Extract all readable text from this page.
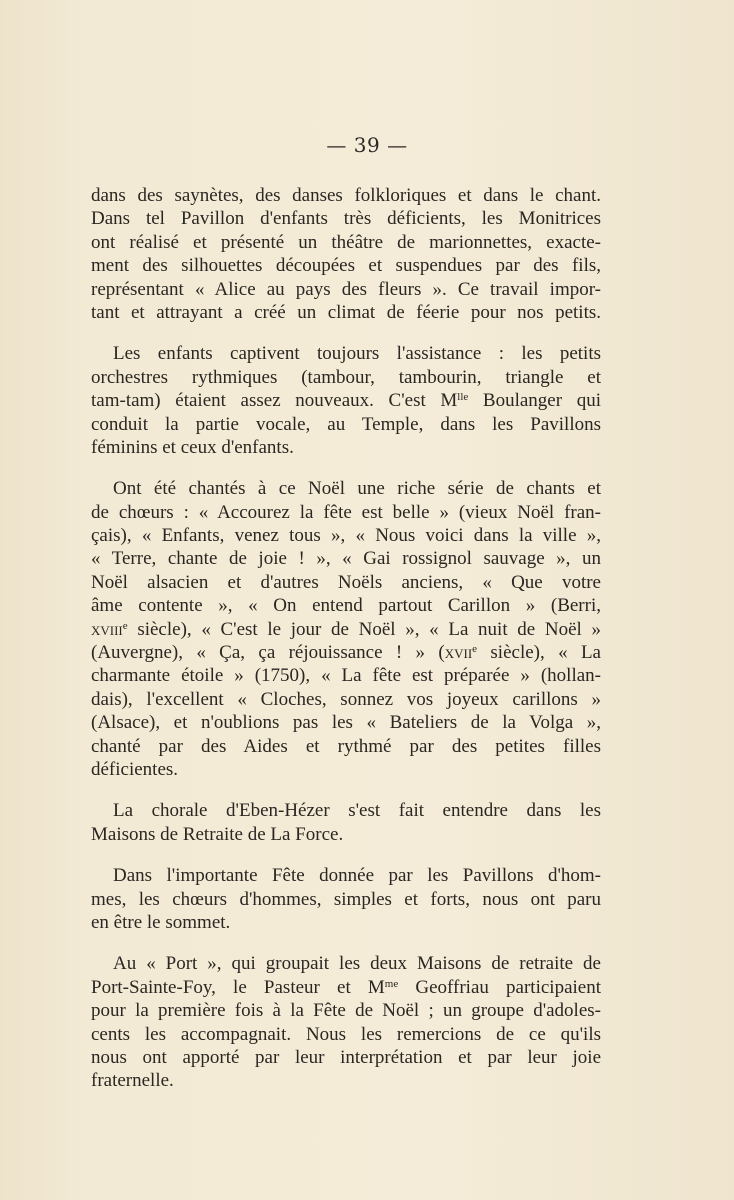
— 39 —
dans des saynètes, des danses folkloriques et dans le chant.
Dans tel Pavillon d'enfants très déficients, les Monitrices
ont réalisé et présenté un théâtre de marionnettes, exacte-
ment des silhouettes découpées et suspendues par des fils,
représentant « Alice au pays des fleurs ». Ce travail impor-
tant et attrayant a créé un climat de féerie pour nos petits.
Les enfants captivent toujours l'assistance : les petits
orchestres rythmiques (tambour, tambourin, triangle et
tam-tam) étaient assez nouveaux. C'est $M^{lle}$ Boulanger qui
conduit la partie vocale, au Temple, dans les Pavillons
féminins et ceux d'enfants.
Ont été chantés à ce Noël une riche série de chants et
de chœurs : « Accourez la fête est belle » (vieux Noël fran-
çais), « Enfants, venez tous », « Nous voici dans la ville »,
« Terre, chante de joie ! », « Gai rossignol sauvage », un
Noël alsacien et d'autres Noëls anciens, « Que votre
âme contente », « On entend partout Carillon » (Berri,
xviii$^e$ siècle), « C'est le jour de Noël », « La nuit de Noël »
(Auvergne), « Ça, ça réjouissance ! » (xvii$^e$ siècle), « La
charmante étoile » (1750), « La fête est préparée » (hollan-
dais), l'excellent « Cloches, sonnez vos joyeux carillons »
(Alsace), et n'oublions pas les « Bateliers de la Volga »,
chanté par des Aides et rythmé par des petites filles
déficientes.
La chorale d'Eben-Hézer s'est fait entendre dans les
Maisons de Retraite de La Force.
Dans l'importante Fête donnée par les Pavillons d'hom-
mes, les chœurs d'hommes, simples et forts, nous ont paru
en être le sommet.
Au « Port », qui groupait les deux Maisons de retraite de
Port-Sainte-Foy, le Pasteur et $M^{me}$ Geoffriau participaient
pour la première fois à la Fête de Noël ; un groupe d'adoles-
cents les accompagnait. Nous les remercions de ce qu'ils
nous ont apporté par leur interprétation et par leur joie
fraternelle.
